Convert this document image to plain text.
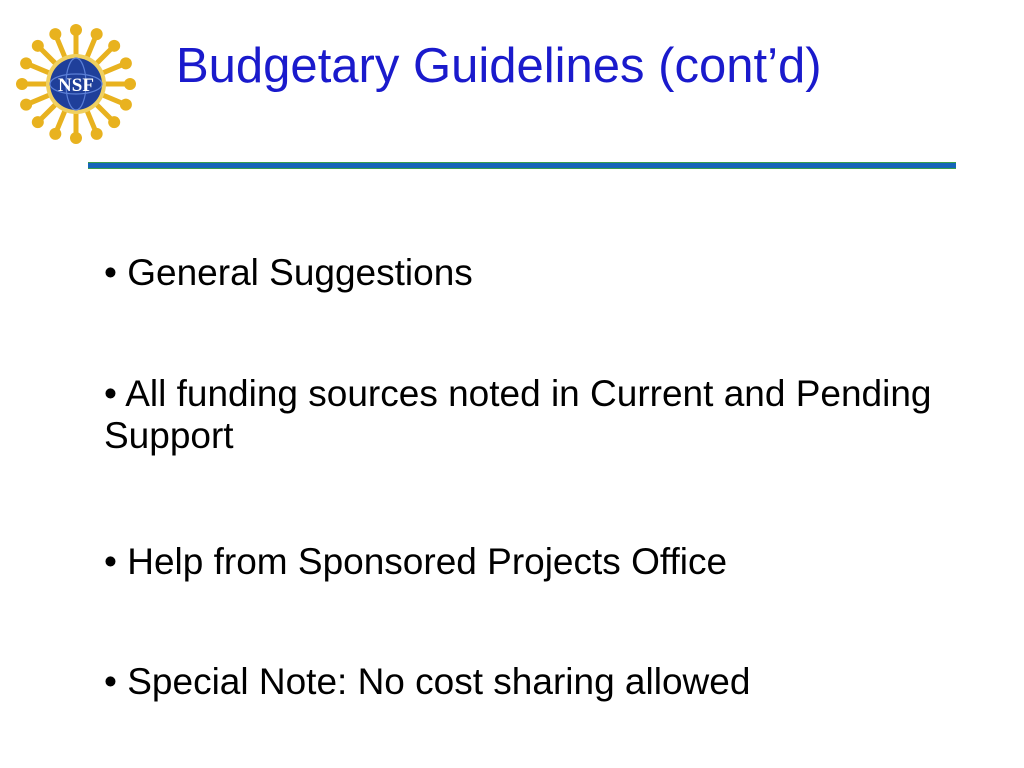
NSF Budgetary Guidelines (cont’d)
• General Suggestions
• All funding sources noted in Current and Pending Support
• Help from Sponsored Projects Office
• Special Note: No cost sharing allowed
